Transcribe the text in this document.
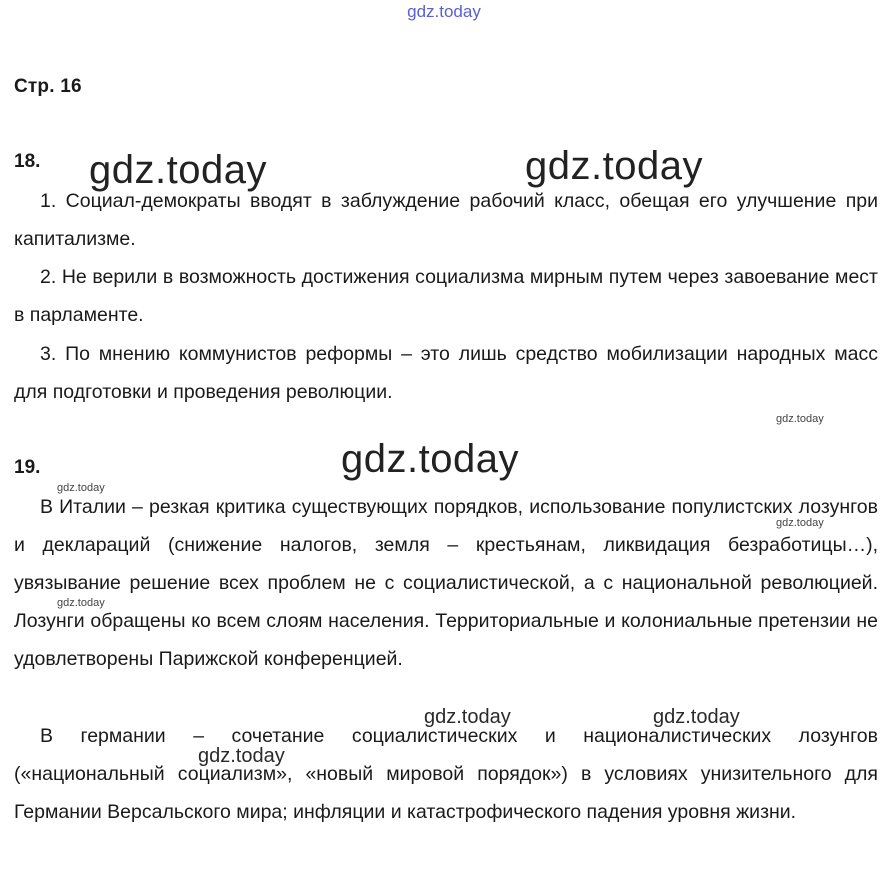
gdz.today
Стр. 16
18.
1. Социал-демократы вводят в заблуждение рабочий класс, обещая его улучшение при капитализме.
2. Не верили в возможность достижения социализма мирным путем через завоевание мест в парламенте.
3. По мнению коммунистов реформы – это лишь средство мобилизации народных масс для подготовки и проведения революции.
19.
В Италии – резкая критика существующих порядков, использование популистских лозунгов и деклараций (снижение налогов, земля – крестьянам, ликвидация безработицы…), увязывание решение всех проблем не с социалистической, а с национальной революцией. Лозунги обращены ко всем слоям населения. Территориальные и колониальные претензии не удовлетворены Парижской конференцией.
В германии – сочетание социалистических и националистических лозунгов («национальный социализм», «новый мировой порядок») в условиях унизительного для Германии Версальского мира; инфляции и катастрофического падения уровня жизни.
gdz.today	gdz.today
gdz.today
gdz.today
gdz.today
gdz.today
gdz.today
gdz.today	gdz.today
gdz.today
